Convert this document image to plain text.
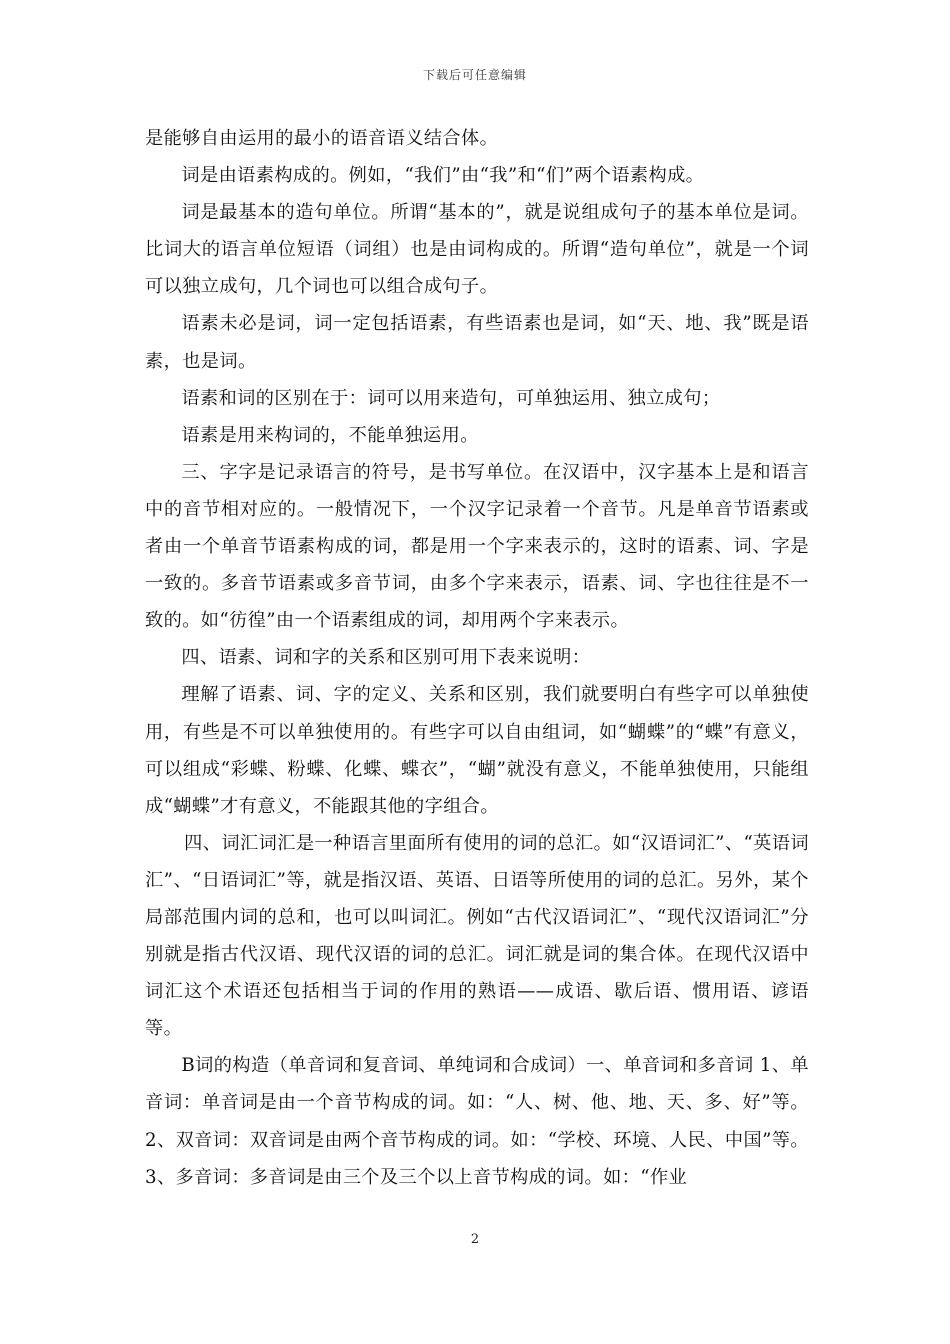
下载后可任意编辑

是能够自由运用的最小的语音语义结合体。

词是由语素构成的。例如，“我们”由“我”和“们”两个语素构成。

词是最基本的造句单位。所谓“基本的”，就是说组成句子的基本单位是词。比词大的语言单位短语（词组）也是由词构成的。所谓“造句单位”，就是一个词可以独立成句，几个词也可以组合成句子。

语素未必是词，词一定包括语素，有些语素也是词，如“天、地、我”既是语素，也是词。

语素和词的区别在于：词可以用来造句，可单独运用、独立成句；

语素是用来构词的，不能单独运用。

三、字字是记录语言的符号，是书写单位。在汉语中，汉字基本上是和语言中的音节相对应的。一般情况下，一个汉字记录着一个音节。凡是单音节语素或者由一个单音节语素构成的词，都是用一个字来表示的，这时的语素、词、字是一致的。多音节语素或多音节词，由多个字来表示，语素、词、字也往往是不一致的。如“彷徨”由一个语素组成的词，却用两个字来表示。

四、语素、词和字的关系和区别可用下表来说明：

理解了语素、词、字的定义、关系和区别，我们就要明白有些字可以单独使用，有些是不可以单独使用的。有些字可以自由组词，如“蝴蝶”的“蝶”有意义，可以组成“彩蝶、粉蝶、化蝶、蝶衣”，“蝴”就没有意义，不能单独使用，只能组成“蝴蝶”才有意义，不能跟其他的字组合。

四、词汇词汇是一种语言里面所有使用的词的总汇。如“汉语词汇”、“英语词汇”、“日语词汇”等，就是指汉语、英语、日语等所使用的词的总汇。另外，某个局部范围内词的总和，也可以叫词汇。例如“古代汉语词汇”、“现代汉语词汇”分别就是指古代汉语、现代汉语的词的总汇。词汇就是词的集合体。在现代汉语中词汇这个术语还包括相当于词的作用的熟语——成语、歇后语、惯用语、谚语等。

B词的构造（单音词和复音词、单纯词和合成词）一、单音词和多音词 1、单音词：单音词是由一个音节构成的词。如：“人、树、他、地、天、多、好”等。2、双音词：双音词是由两个音节构成的词。如：“学校、环境、人民、中国”等。3、多音词：多音词是由三个及三个以上音节构成的词。如：“作业

2
